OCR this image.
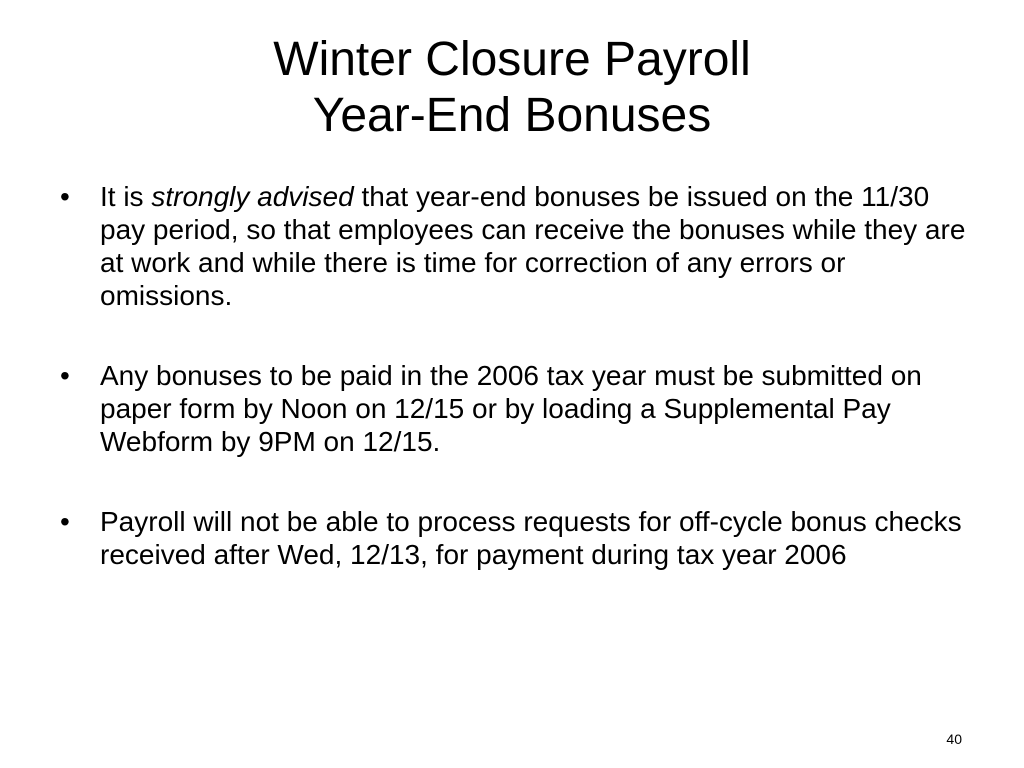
Winter Closure Payroll
Year-End Bonuses
• It is strongly advised that year-end bonuses be issued on the 11/30 pay period, so that employees can receive the bonuses while they are at work and while there is time for correction of any errors or omissions.
• Any bonuses to be paid in the 2006 tax year must be submitted on paper form by Noon on 12/15 or by loading a Supplemental Pay Webform by 9PM on 12/15.
• Payroll will not be able to process requests for off-cycle bonus checks received after Wed, 12/13, for payment during tax year 2006
40
